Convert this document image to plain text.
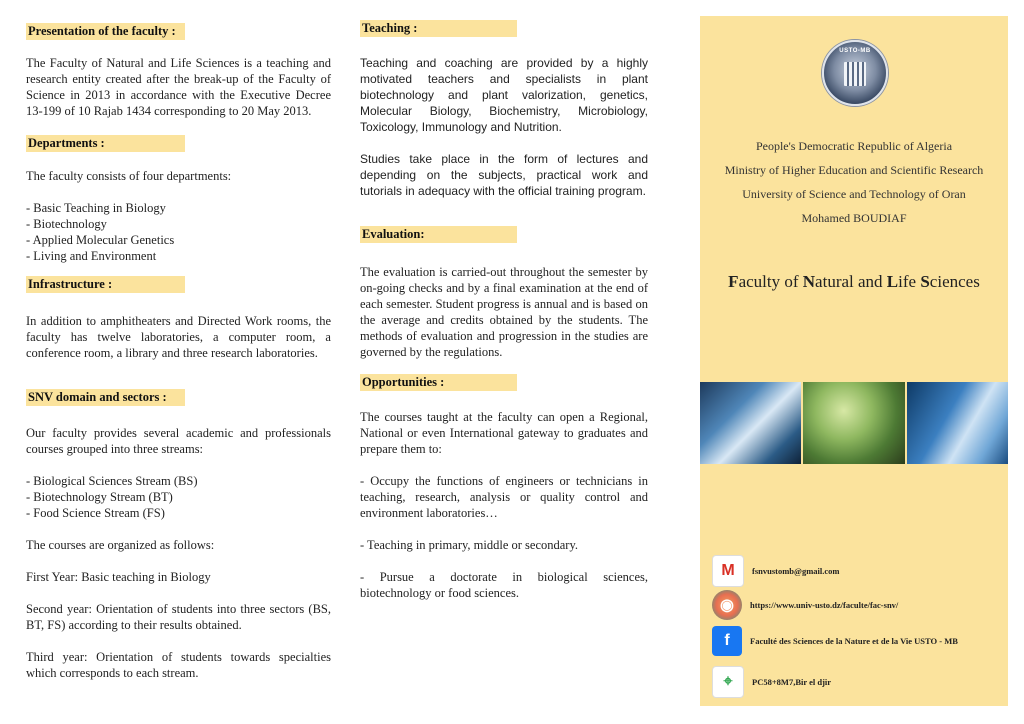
Presentation of the faculty :
The Faculty of Natural and Life Sciences is a teaching and research entity created after the break-up of the Faculty of Science in 2013 in accordance with the Executive Decree 13-199 of 10 Rajab 1434 corresponding to 20 May 2013.
Departments :
The faculty consists of four departments:

- Basic Teaching in Biology
- Biotechnology
- Applied Molecular Genetics
- Living and Environment
Infrastructure :
In addition to amphitheaters and Directed Work rooms, the faculty has twelve laboratories, a computer room, a conference room, a library and three research laboratories.
SNV domain and sectors :
Our faculty provides several academic and professionals courses grouped into three streams:

- Biological Sciences Stream (BS)
- Biotechnology Stream (BT)
- Food Science Stream (FS)

The courses are organized as follows:

First Year: Basic teaching in Biology

Second year: Orientation of students into three sectors (BS, BT, FS) according to their results obtained.

Third year: Orientation of students towards specialties which corresponds to each stream.
Teaching :
Teaching and coaching are provided by a highly motivated teachers and specialists in plant biotechnology and plant valorization, genetics, Molecular Biology, Biochemistry, Microbiology, Toxicology, Immunology and Nutrition.

Studies take place in the form of lectures and depending on the subjects, practical work and tutorials in adequacy with the official training program.
Evaluation:
The evaluation is carried-out throughout the semester by on-going checks and by a final examination at the end of each semester. Student progress is annual and is based on the average and credits obtained by the students. The methods of evaluation and progression in the studies are governed by the regulations.
Opportunities :
The courses taught at the faculty can open a Regional, National or even International gateway to graduates and prepare them to:

- Occupy the functions of engineers or technicians in teaching, research, analysis or quality control and environment laboratories…

- Teaching in primary, middle or secondary.

- Pursue a doctorate in biological sciences, biotechnology or food sciences.
USTO-MB
People's Democratic Republic of Algeria
Ministry of Higher Education and Scientific Research
University of Science and Technology of Oran
Mohamed BOUDIAF
Faculty of Natural and Life Sciences
M	fsnvustomb@gmail.com
◉	https://www.univ-usto.dz/faculte/fac-snv/
f	Faculté des Sciences de la Nature et de la Vie USTO - MB
⌖	PC58+8M7,Bir el djir
